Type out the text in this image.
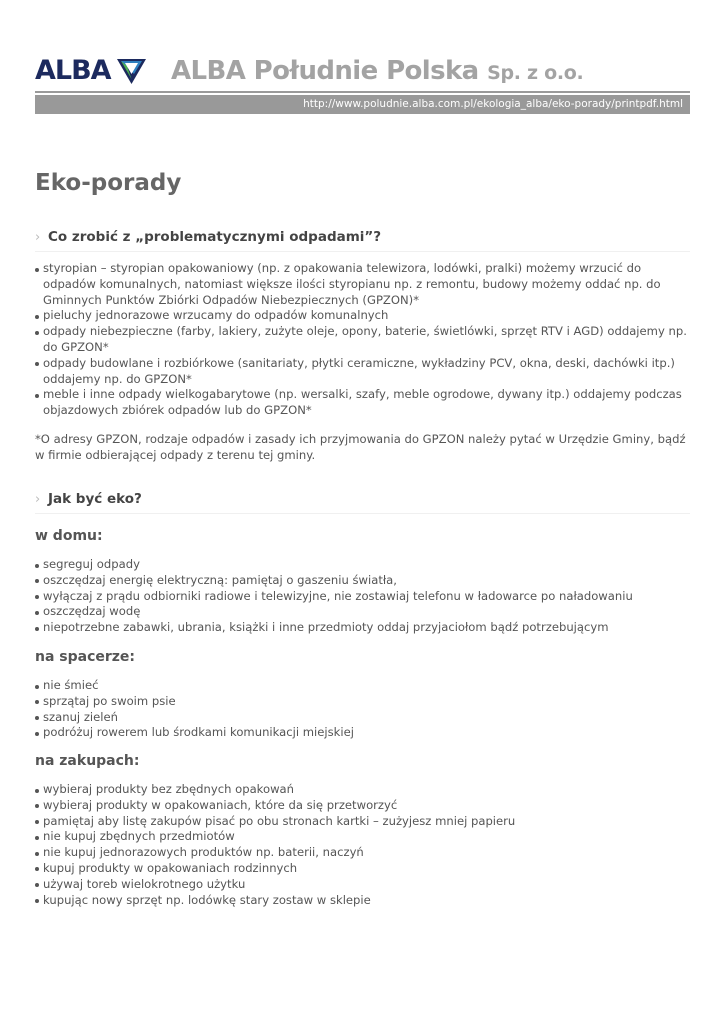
ALBA ALBA Południe Polska Sp. z o.o.
http://www.poludnie.alba.com.pl/ekologia_alba/eko-porady/printpdf.html
Eko-porady
› Co zrobić z „problematycznymi odpadami”?
styropian – styropian opakowaniowy (np. z opakowania telewizora, lodówki, pralki) możemy wrzucić do odpadów komunalnych, natomiast większe ilości styropianu np. z remontu, budowy możemy oddać np. do Gminnych Punktów Zbiórki Odpadów Niebezpiecznych (GPZON)*
pieluchy jednorazowe wrzucamy do odpadów komunalnych
odpady niebezpieczne (farby, lakiery, zużyte oleje, opony, baterie, świetlówki, sprzęt RTV i AGD) oddajemy np. do GPZON*
odpady budowlane i rozbiórkowe (sanitariaty, płytki ceramiczne, wykładziny PCV, okna, deski, dachówki itp.) oddajemy np. do GPZON*
meble i inne odpady wielkogabarytowe (np. wersalki, szafy, meble ogrodowe, dywany itp.) oddajemy podczas objazdowych zbiórek odpadów lub do GPZON*

*O adresy GPZON, rodzaje odpadów i zasady ich przyjmowania do GPZON należy pytać w Urzędzie Gminy, bądź w firmie odbierającej odpady z terenu tej gminy.

› Jak być eko?
w domu:
segreguj odpady
oszczędzaj energię elektryczną: pamiętaj o gaszeniu światła,
wyłączaj z prądu odbiorniki radiowe i telewizyjne, nie zostawiaj telefonu w ładowarce po naładowaniu
oszczędzaj wodę
niepotrzebne zabawki, ubrania, książki i inne przedmioty oddaj przyjaciołom bądź potrzebującym
na spacerze:
nie śmieć
sprzątaj po swoim psie
szanuj zieleń
podróżuj rowerem lub środkami komunikacji miejskiej
na zakupach:
wybieraj produkty bez zbędnych opakowań
wybieraj produkty w opakowaniach, które da się przetworzyć
pamiętaj aby listę zakupów pisać po obu stronach kartki – zużyjesz mniej papieru
nie kupuj zbędnych przedmiotów
nie kupuj jednorazowych produktów np. baterii, naczyń
kupuj produkty w opakowaniach rodzinnych
używaj toreb wielokrotnego użytku
kupując nowy sprzęt np. lodówkę stary zostaw w sklepie
